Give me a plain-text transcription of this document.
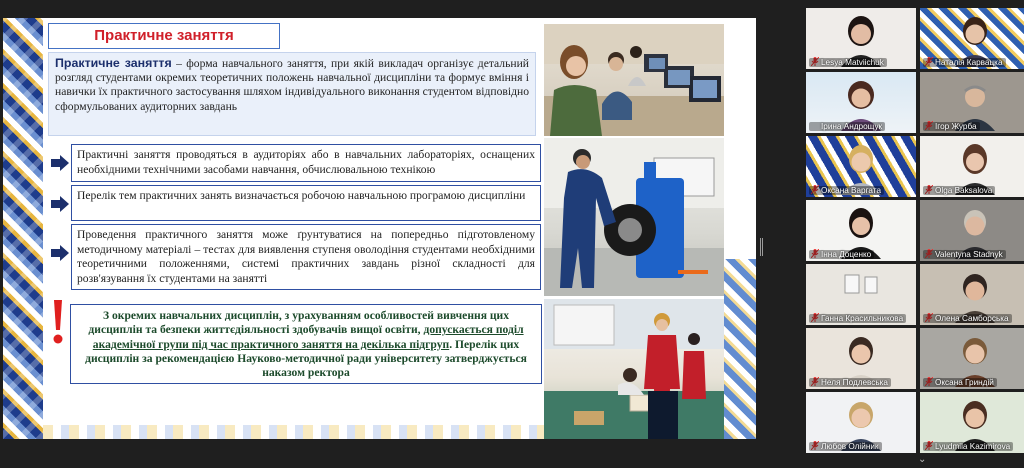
Практичне заняття
Практичне заняття – форма навчального заняття, при якій викладач організує детальний розгляд студентами окремих теоретичних положень навчальної дисципліни та формує вміння і навички їх практичного застосування шляхом індивідуального виконання студентом відповідно сформульованих аудиторних завдань
Практичні заняття проводяться в аудиторіях або в навчальних лабораторіях, оснащених необхідними технічними засобами навчання, обчислювальною технікою
Перелік тем практичних занять визначається робочою навчальною програмою дисципліни
Проведення практичного заняття може ґрунтуватися на попередньо підготовленому методичному матеріалі – тестах для виявлення ступеня оволодіння студентами необхідними теоретичними положеннями, системі практичних завдань різної складності для розв'язування їх студентами на занятті
З окремих навчальних дисциплін, з урахуванням особливостей вивчення цих дисциплін та безпеки життєдіяльності здобувачів вищої освіти, допускається поділ академічної групи під час практичного заняття на декілька підгруп. Перелік цих дисциплін за рекомендацією Науково-методичної ради університету затверджується наказом ректора
Lesya Matviichuk	Наталія Карвацка
Ірина Андрощук	Ігор Журба
Оксана Варгата	Olga Baksalova
Інна Доценко	Valentyna Stadnyk
Ганна Красильникова	Олена Самборська
Неля Подлевська	Оксана Гриндій
Любов Олійник	Lyudmila Kazimirova
⌄
